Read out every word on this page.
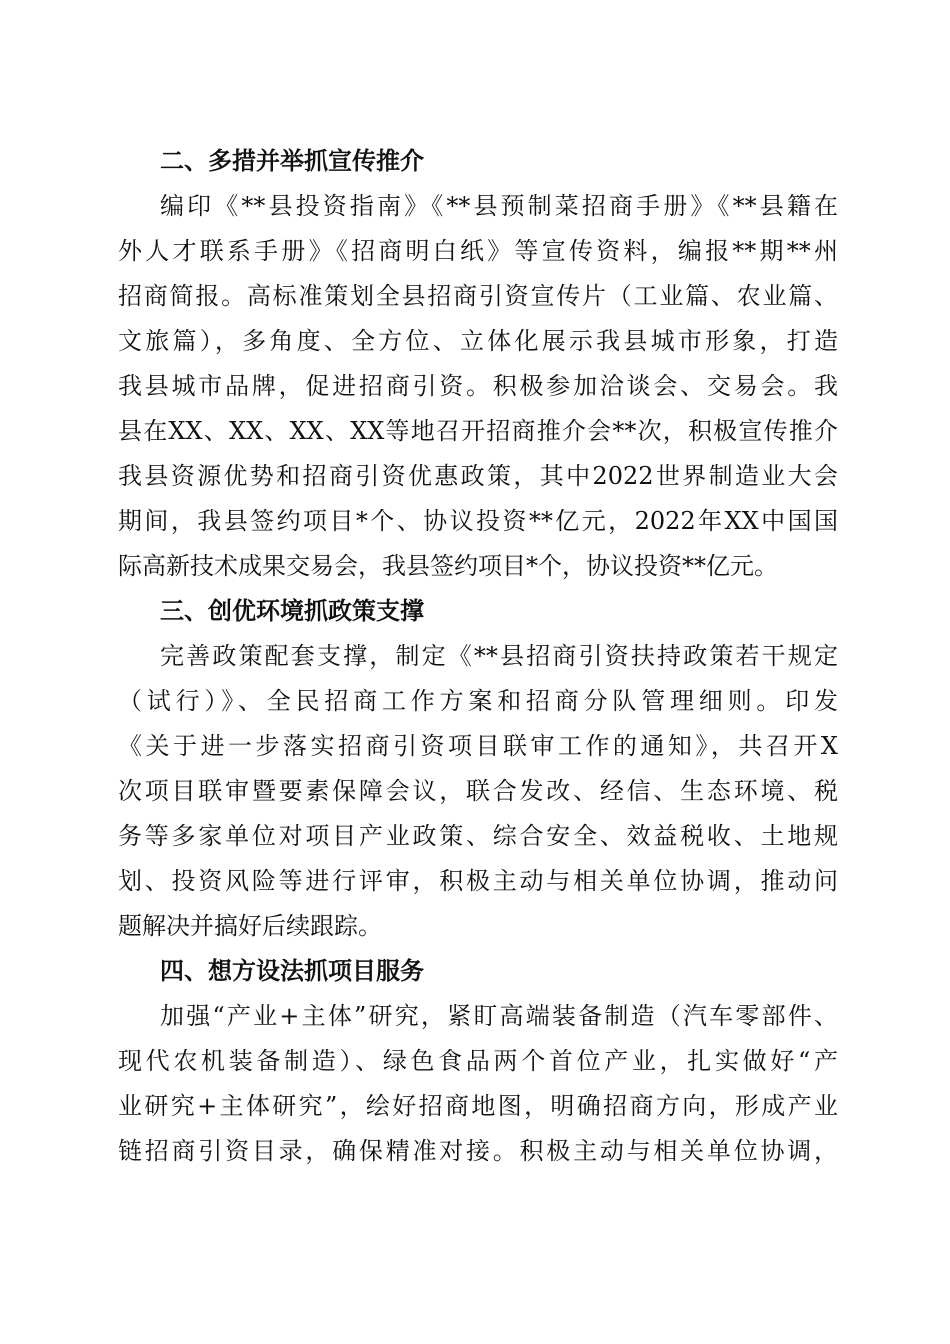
二、多措并举抓宣传推介
编印《**县投资指南》《**县预制菜招商手册》《**县籍在
外人才联系手册》《招商明白纸》等宣传资料，编报**期**州
招商简报。高标准策划全县招商引资宣传片（工业篇、农业篇、
文旅篇），多角度、全方位、立体化展示我县城市形象，打造
我县城市品牌，促进招商引资。积极参加洽谈会、交易会。我
县在XX、XX、XX、XX等地召开招商推介会**次，积极宣传推介
我县资源优势和招商引资优惠政策，其中2022世界制造业大会
期间，我县签约项目*个、协议投资**亿元，2022年XX中国国
际高新技术成果交易会，我县签约项目*个，协议投资**亿元。
三、创优环境抓政策支撑
完善政策配套支撑，制定《**县招商引资扶持政策若干规定
（试行）》、全民招商工作方案和招商分队管理细则。印发
《关于进一步落实招商引资项目联审工作的通知》，共召开X
次项目联审暨要素保障会议，联合发改、经信、生态环境、税
务等多家单位对项目产业政策、综合安全、效益税收、土地规
划、投资风险等进行评审，积极主动与相关单位协调，推动问
题解决并搞好后续跟踪。
四、想方设法抓项目服务
加强“产业+主体”研究，紧盯高端装备制造（汽车零部件、
现代农机装备制造）、绿色食品两个首位产业，扎实做好“产
业研究+主体研究”，绘好招商地图，明确招商方向，形成产业
链招商引资目录，确保精准对接。积极主动与相关单位协调，
